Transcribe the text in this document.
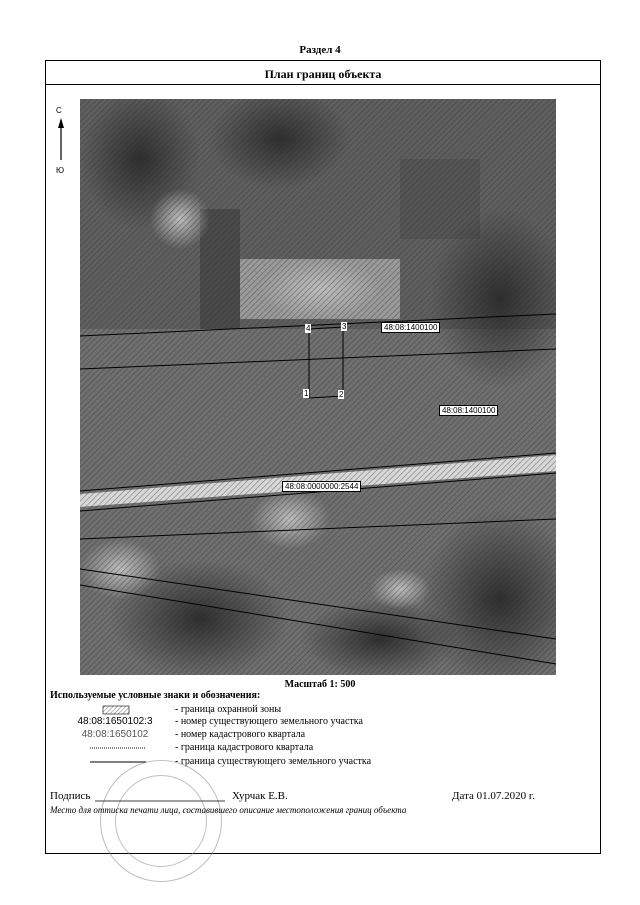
Раздел 4
План границ объекта
С
Ю
48:08:1400100
48:08:1400100
48:08:0000000:2544
4	3
1	2
Масштаб 1: 500
Используемые условные знаки и обозначения:
- граница охранной зоны
48:08:1650102:3	- номер существующего земельного участка
48:08:1650102	- номер кадастрового квартала
- граница кадастрового квартала
- граница существующего земельного участка
Подпись	Хурчак Е.В.	Дата 01.07.2020 г.
Место для оттиска печати лица, составившего описание местоположения границ объекта
